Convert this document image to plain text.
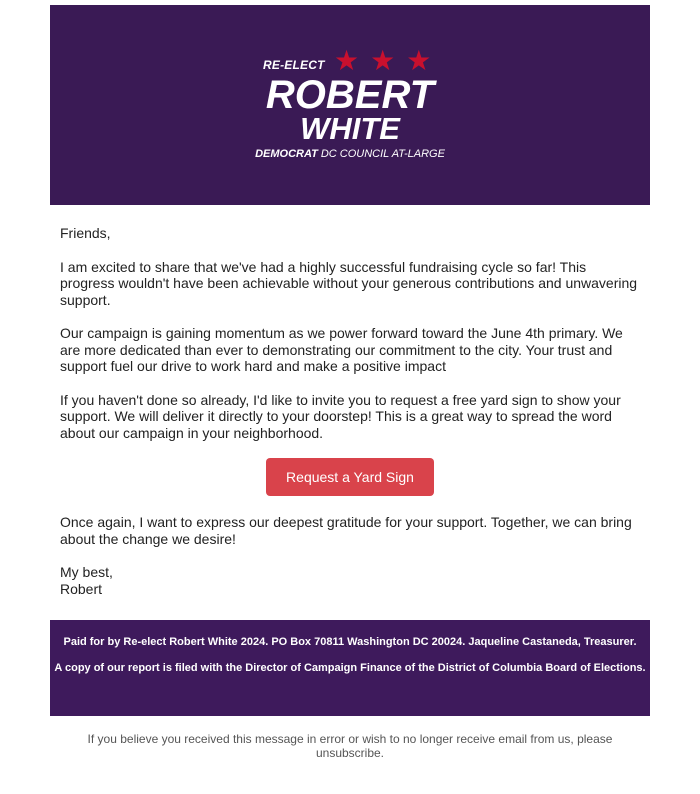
RE-ELECT ★★★
ROBERT
WHITE
DEMOCRAT DC COUNCIL AT-LARGE

Friends,

I am excited to share that we've had a highly successful fundraising cycle so far! This progress wouldn't have been achievable without your generous contributions and unwavering support.

Our campaign is gaining momentum as we power forward toward the June 4th primary. We are more dedicated than ever to demonstrating our commitment to the city. Your trust and support fuel our drive to work hard and make a positive impact

If you haven't done so already, I'd like to invite you to request a free yard sign to show your support. We will deliver it directly to your doorstep! This is a great way to spread the word about our campaign in your neighborhood.

Request a Yard Sign

Once again, I want to express our deepest gratitude for your support. Together, we can bring about the change we desire!

My best,
Robert

Paid for by Re-elect Robert White 2024. PO Box 70811 Washington DC 20024. Jaqueline Castaneda, Treasurer.

A copy of our report is filed with the Director of Campaign Finance of the District of Columbia Board of Elections.

If you believe you received this message in error or wish to no longer receive email from us, please unsubscribe.
